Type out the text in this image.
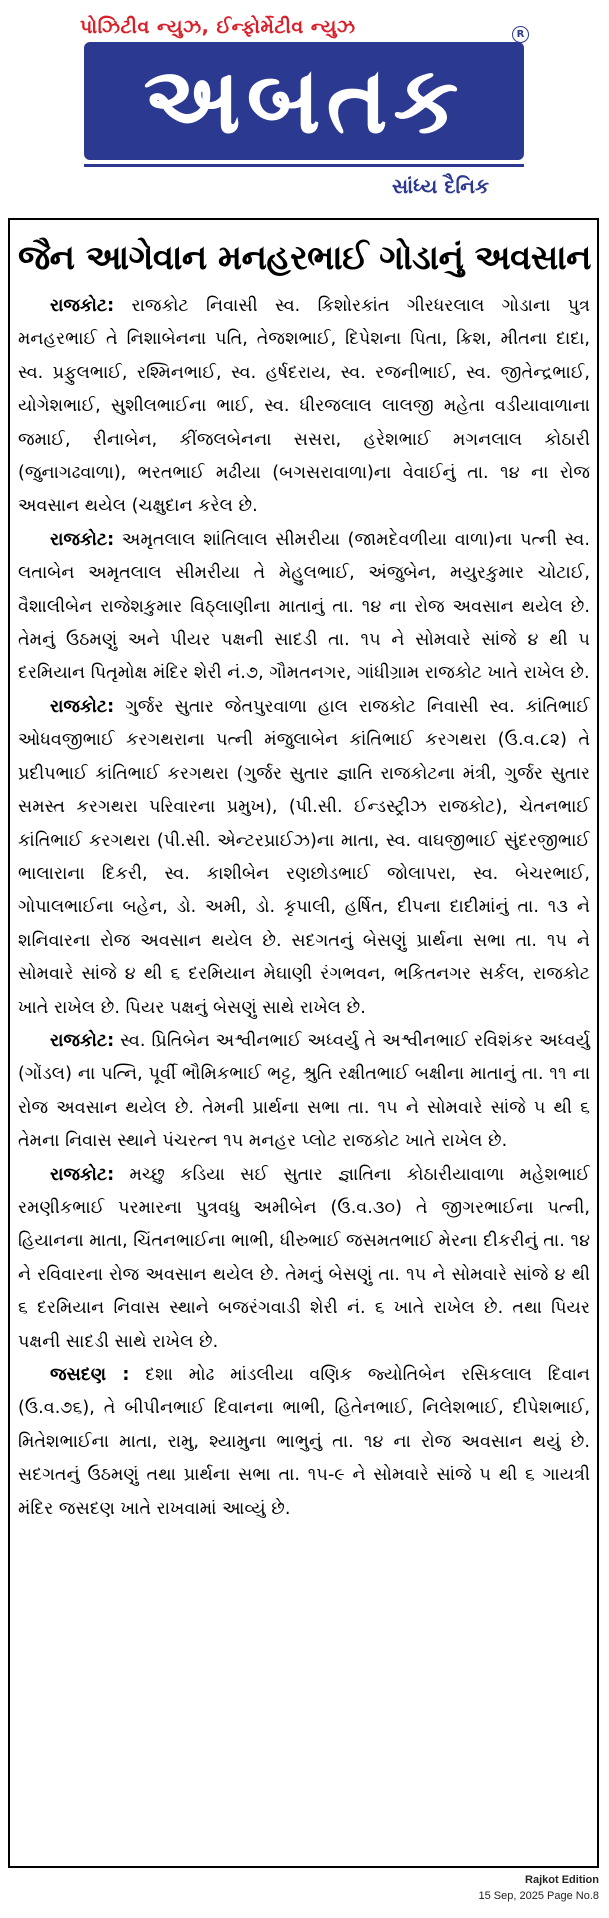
પોઝિટીવ ન્યુઝ, ઈન્ફોર્મેટીવ ન્યુઝ	R
અબતક
સાંધ્ય દૈનિક
જૈન આગેવાન મનહરભાઈ ગોડાનું અવસાન

રાજકોટ: રાજકોટ નિવાસી સ્વ. કિશોરકાંત ગીરધરલાલ ગોડાના પુત્ર મનહરભાઈ તે નિશાબેનના પતિ, તેજશભાઈ, દિપેશના પિતા, ક્રિશ, મીતના દાદા, સ્વ. પ્રફુલભાઈ, રશ્મિનભાઈ, સ્વ. હર્ષદરાય, સ્વ. રજનીભાઈ, સ્વ. જીતેન્દ્રભાઈ, યોગેશભાઈ, સુશીલભાઈના ભાઈ, સ્વ. ધીરજલાલ લાલજી મહેતા વડીયાવાળાના જમાઈ, રીનાબેન, કીંજલબેનના સસરા, હરેશભાઈ મગનલાલ કોઠારી (જુનાગઢવાળા), ભરતભાઈ મઢીયા (બગસરાવાળા)ના વેવાઈનું તા. ૧૪ ના રોજ અવસાન થયેલ (ચક્ષુદાન કરેલ છે.

રાજકોટ: અમૃતલાલ શાંતિલાલ સીમરીયા (જામદેવળીયા વાળા)ના પત્ની સ્વ. લતાબેન અમૃતલાલ સીમરીયા તે મેહુલભાઈ, અંજુબેન, મયુરકુમાર ચોટાઈ, વૈશાલીબેન રાજેશકુમાર વિઠ્લાણીના માતાનું તા. ૧૪ ના રોજ અવસાન થયેલ છે. તેમનું ઉઠમણું અને પીયર પક્ષની સાદડી તા. ૧૫ ને સોમવારે સાંજે ૪ થી ૫ દરમિયાન પિતૃમોક્ષ મંદિર શેરી નં.૭, ગૌમતનગર, ગાંધીગ્રામ રાજકોટ ખાતે રાખેલ છે.

રાજકોટ: ગુર્જર સુતાર જેતપુરવાળા હાલ રાજકોટ નિવાસી સ્વ. કાંતિભાઈ ઓધવજીભાઈ કરગથરાના પત્ની મંજુલાબેન કાંતિભાઈ કરગથરા (ઉ.વ.૮૨) તે પ્રદીપભાઈ કાંતિભાઈ કરગથરા (ગુર્જર સુતાર જ્ઞાતિ રાજકોટના મંત્રી, ગુર્જર સુતાર સમસ્ત કરગથરા પરિવારના પ્રમુખ), (પી.સી. ઈન્ડસ્ટ્રીઝ રાજકોટ), ચેતનભાઈ કાંતિભાઈ કરગથરા (પી.સી. એન્ટરપ્રાઈઝ)ના માતા, સ્વ. વાઘજીભાઈ સુંદરજીભાઈ ભાલારાના દિકરી, સ્વ. કાશીબેન રણછોડભાઈ જોલાપરા, સ્વ. બેચરભાઈ, ગોપાલભાઈના બહેન, ડો. અમી, ડો. કૃપાલી, હર્ષિત, દીપના દાદીમાંનું તા. ૧૩ ને શનિવારના રોજ અવસાન થયેલ છે. સદગતનું બેસણું પ્રાર્થના સભા તા. ૧૫ ને સોમવારે સાંજે ૪ થી ૬ દરમિયાન મેઘાણી રંગભવન, ભકિતનગર સર્કલ, રાજકોટ ખાતે રાખેલ છે. પિયર પક્ષનું બેસણું સાથે રાખેલ છે.

રાજકોટ: સ્વ. પ્રિતિબેન અશ્વીનભાઈ અધ્વર્યુ તે અશ્વીનભાઈ રવિશંકર અધ્વર્યુ (ગોંડલ) ના પત્નિ, પૂર્વી ભૌમિકભાઈ ભટ્ટ, શ્રુતિ રક્ષીતભાઈ બક્ષીના માતાનું તા. ૧૧ ના રોજ અવસાન થયેલ છે. તેમની પ્રાર્થના સભા તા. ૧૫ ને સોમવારે સાંજે ૫ થી ૬ તેમના નિવાસ સ્થાને પંચરત્ન ૧૫ મનહર પ્લોટ રાજકોટ ખાતે રાખેલ છે.

રાજકોટ: મચ્છુ કડિયા સઈ સુતાર જ્ઞાતિના કોઠારીયાવાળા મહેશભાઈ રમણીકભાઈ પરમારના પુત્રવધુ અમીબેન (ઉ.વ.૩૦) તે જીગરભાઈના પત્ની, હિયાનના માતા, ચિંતનભાઈના ભાભી, ધીરુભાઈ જસમતભાઈ મેરના દીકરીનું તા. ૧૪ ને રવિવારના રોજ અવસાન થયેલ છે. તેમનું બેસણું તા. ૧૫ ને સોમવારે સાંજે ૪ થી ૬ દરમિયાન નિવાસ સ્થાને બજરંગવાડી શેરી નં. ૬ ખાતે રાખેલ છે. તથા પિયર પક્ષની સાદડી સાથે રાખેલ છે.

જસદણ : દશા મોઢ માંડલીયા વણિક જ્યોતિબેન રસિકલાલ દિવાન (ઉ.વ.૭૬), તે બીપીનભાઈ દિવાનના ભાભી, હિતેનભાઈ, નિલેશભાઈ, દીપેશભાઈ, મિતેશભાઈના માતા, રામુ, શ્યામુના ભાભુનું તા. ૧૪ ના રોજ અવસાન થયું છે. સદગતનું ઉઠમણું તથા પ્રાર્થના સભા તા. ૧૫-૯ ને સોમવારે સાંજે ૫ થી ૬ ગાયત્રી મંદિર જસદણ ખાતે રાખવામાં આવ્યું છે.

Rajkot Edition
15 Sep, 2025 Page No.8
